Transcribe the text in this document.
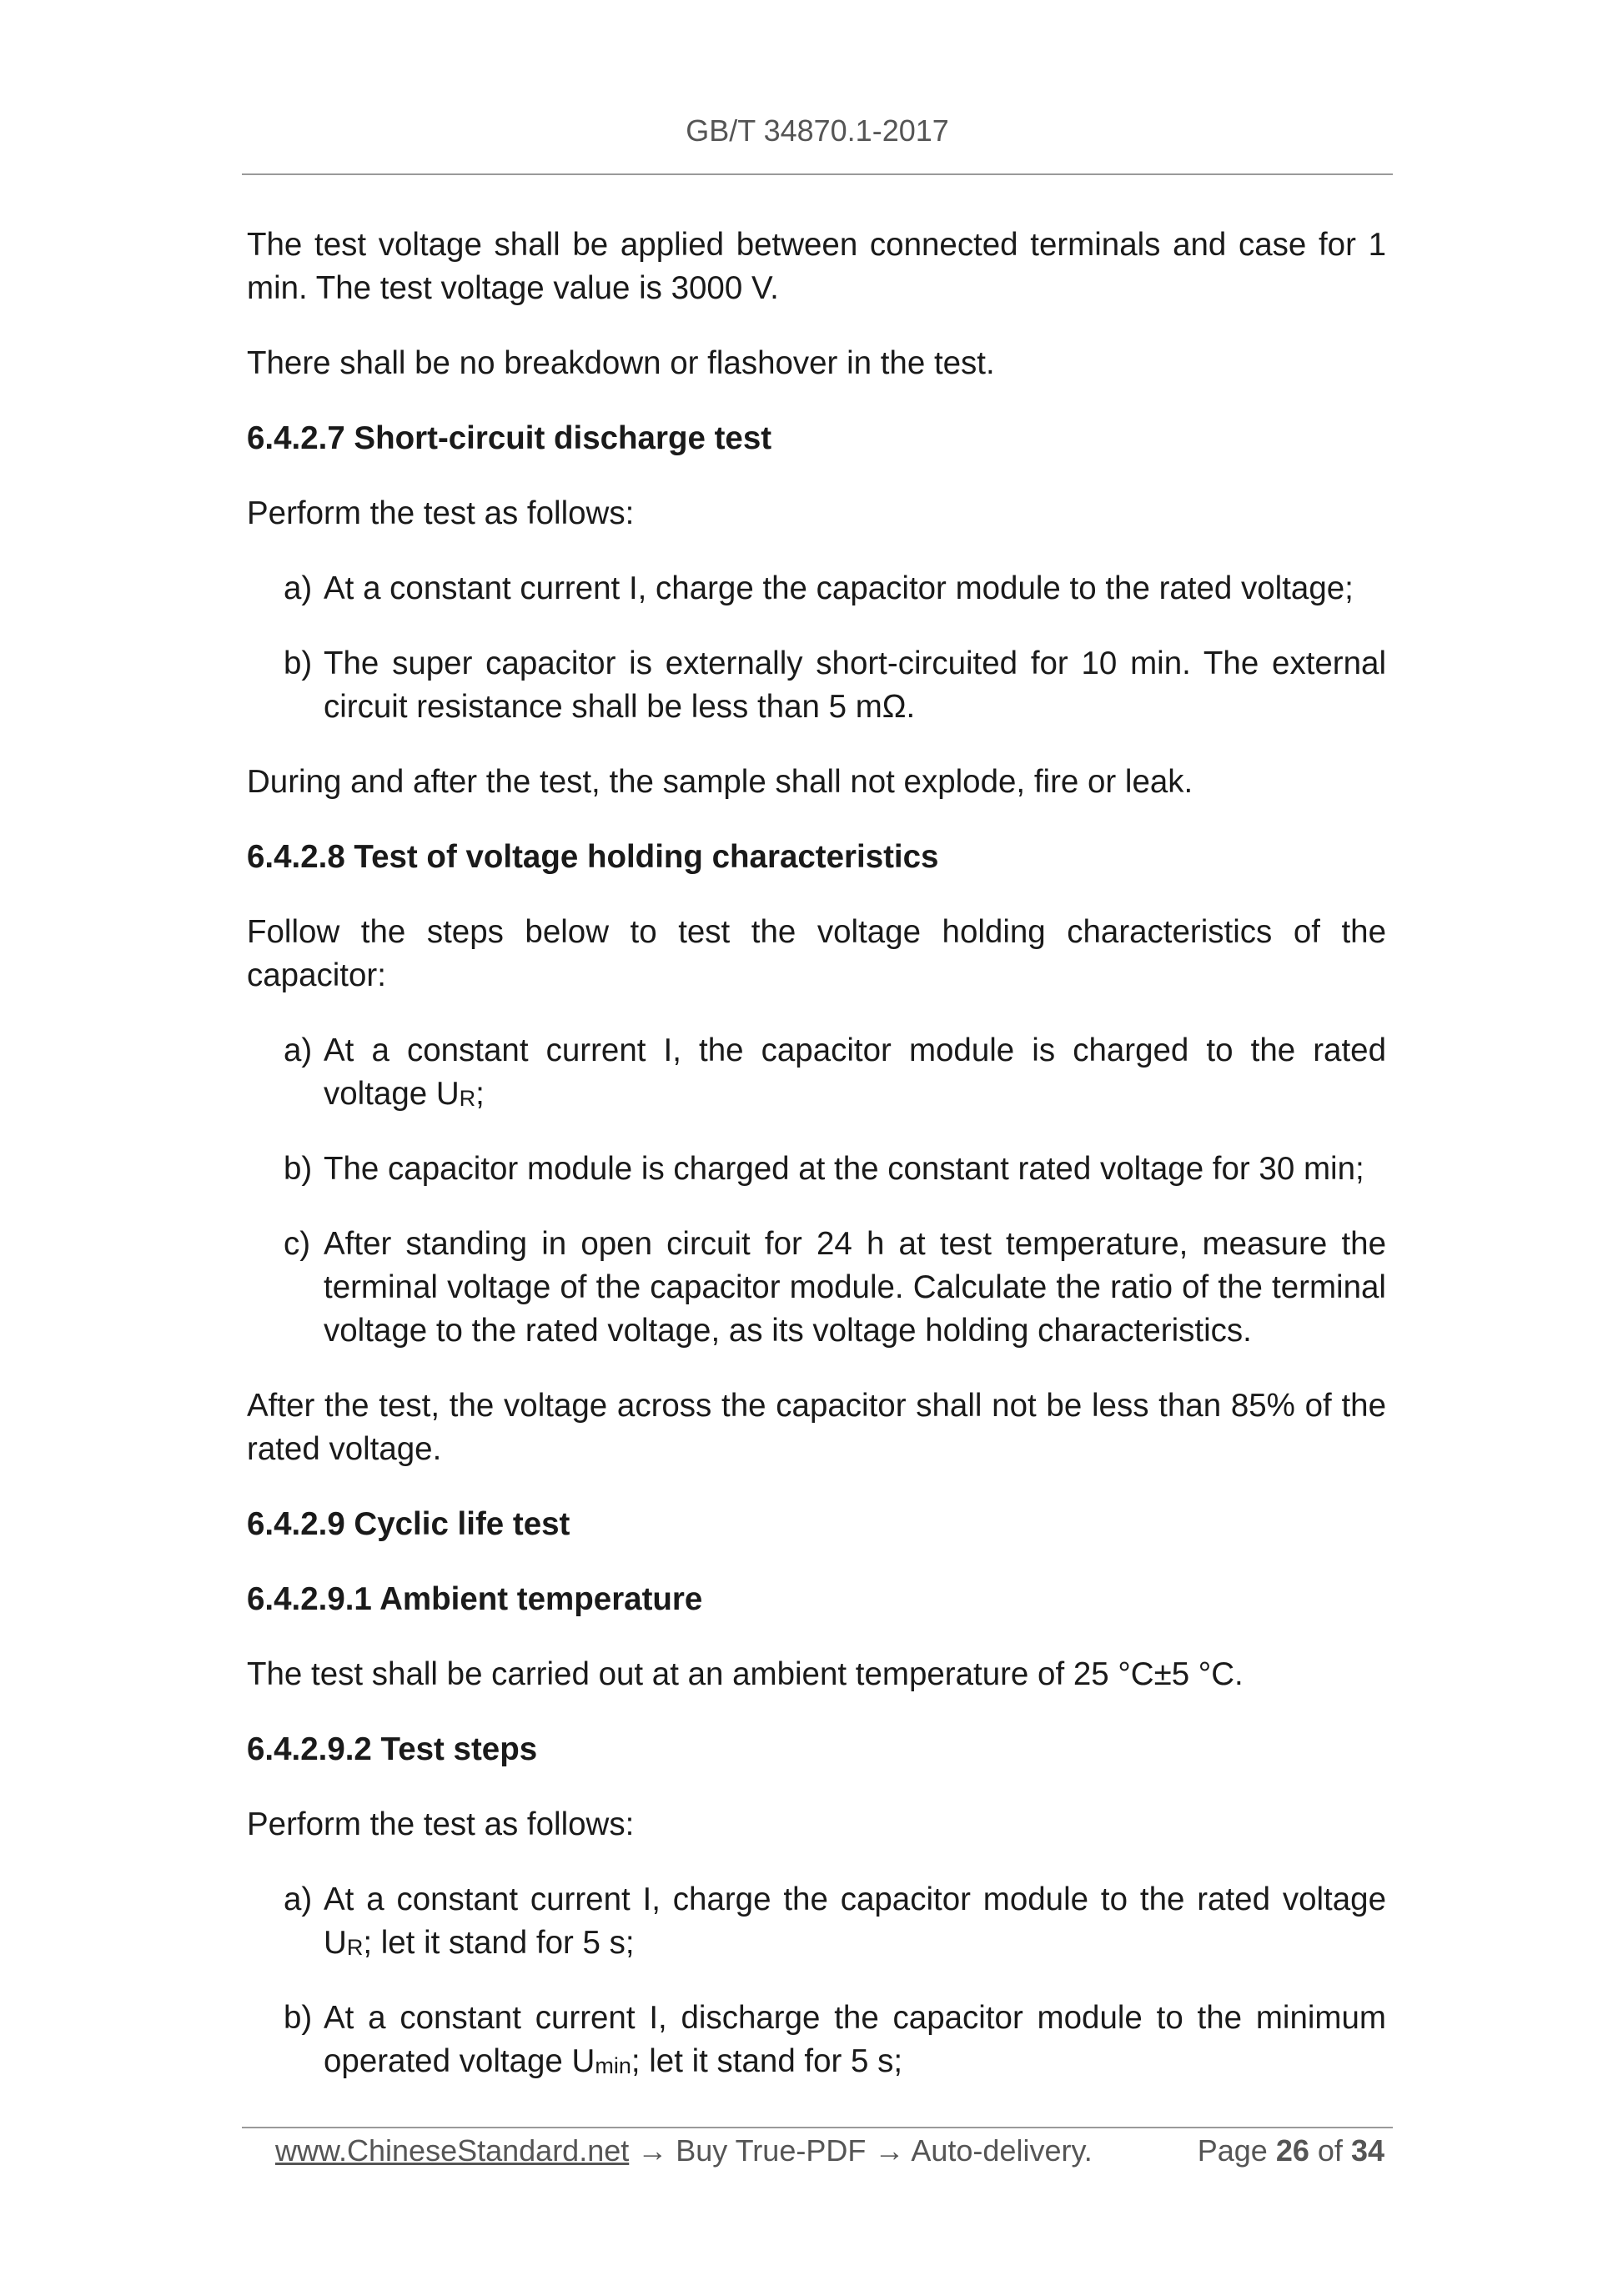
GB/T 34870.1-2017

The test voltage shall be applied between connected terminals and case for 1 min. The test voltage value is 3000 V.

There shall be no breakdown or flashover in the test.

6.4.2.7 Short-circuit discharge test

Perform the test as follows:

a) At a constant current I, charge the capacitor module to the rated voltage;
b) The super capacitor is externally short-circuited for 10 min. The external circuit resistance shall be less than 5 mΩ.

During and after the test, the sample shall not explode, fire or leak.

6.4.2.8 Test of voltage holding characteristics

Follow the steps below to test the voltage holding characteristics of the capacitor:

a) At a constant current I, the capacitor module is charged to the rated voltage $U_R$;
b) The capacitor module is charged at the constant rated voltage for 30 min;
c) After standing in open circuit for 24 h at test temperature, measure the terminal voltage of the capacitor module. Calculate the ratio of the terminal voltage to the rated voltage, as its voltage holding characteristics.

After the test, the voltage across the capacitor shall not be less than 85% of the rated voltage.

6.4.2.9 Cyclic life test

6.4.2.9.1 Ambient temperature

The test shall be carried out at an ambient temperature of 25 °C±5 °C.

6.4.2.9.2 Test steps

Perform the test as follows:

a) At a constant current I, charge the capacitor module to the rated voltage $U_R$; let it stand for 5 s;
b) At a constant current I, discharge the capacitor module to the minimum operated voltage $U_{min}$; let it stand for 5 s;
www.ChineseStandard.net → Buy True-PDF → Auto-delivery.	Page 26 of 34
